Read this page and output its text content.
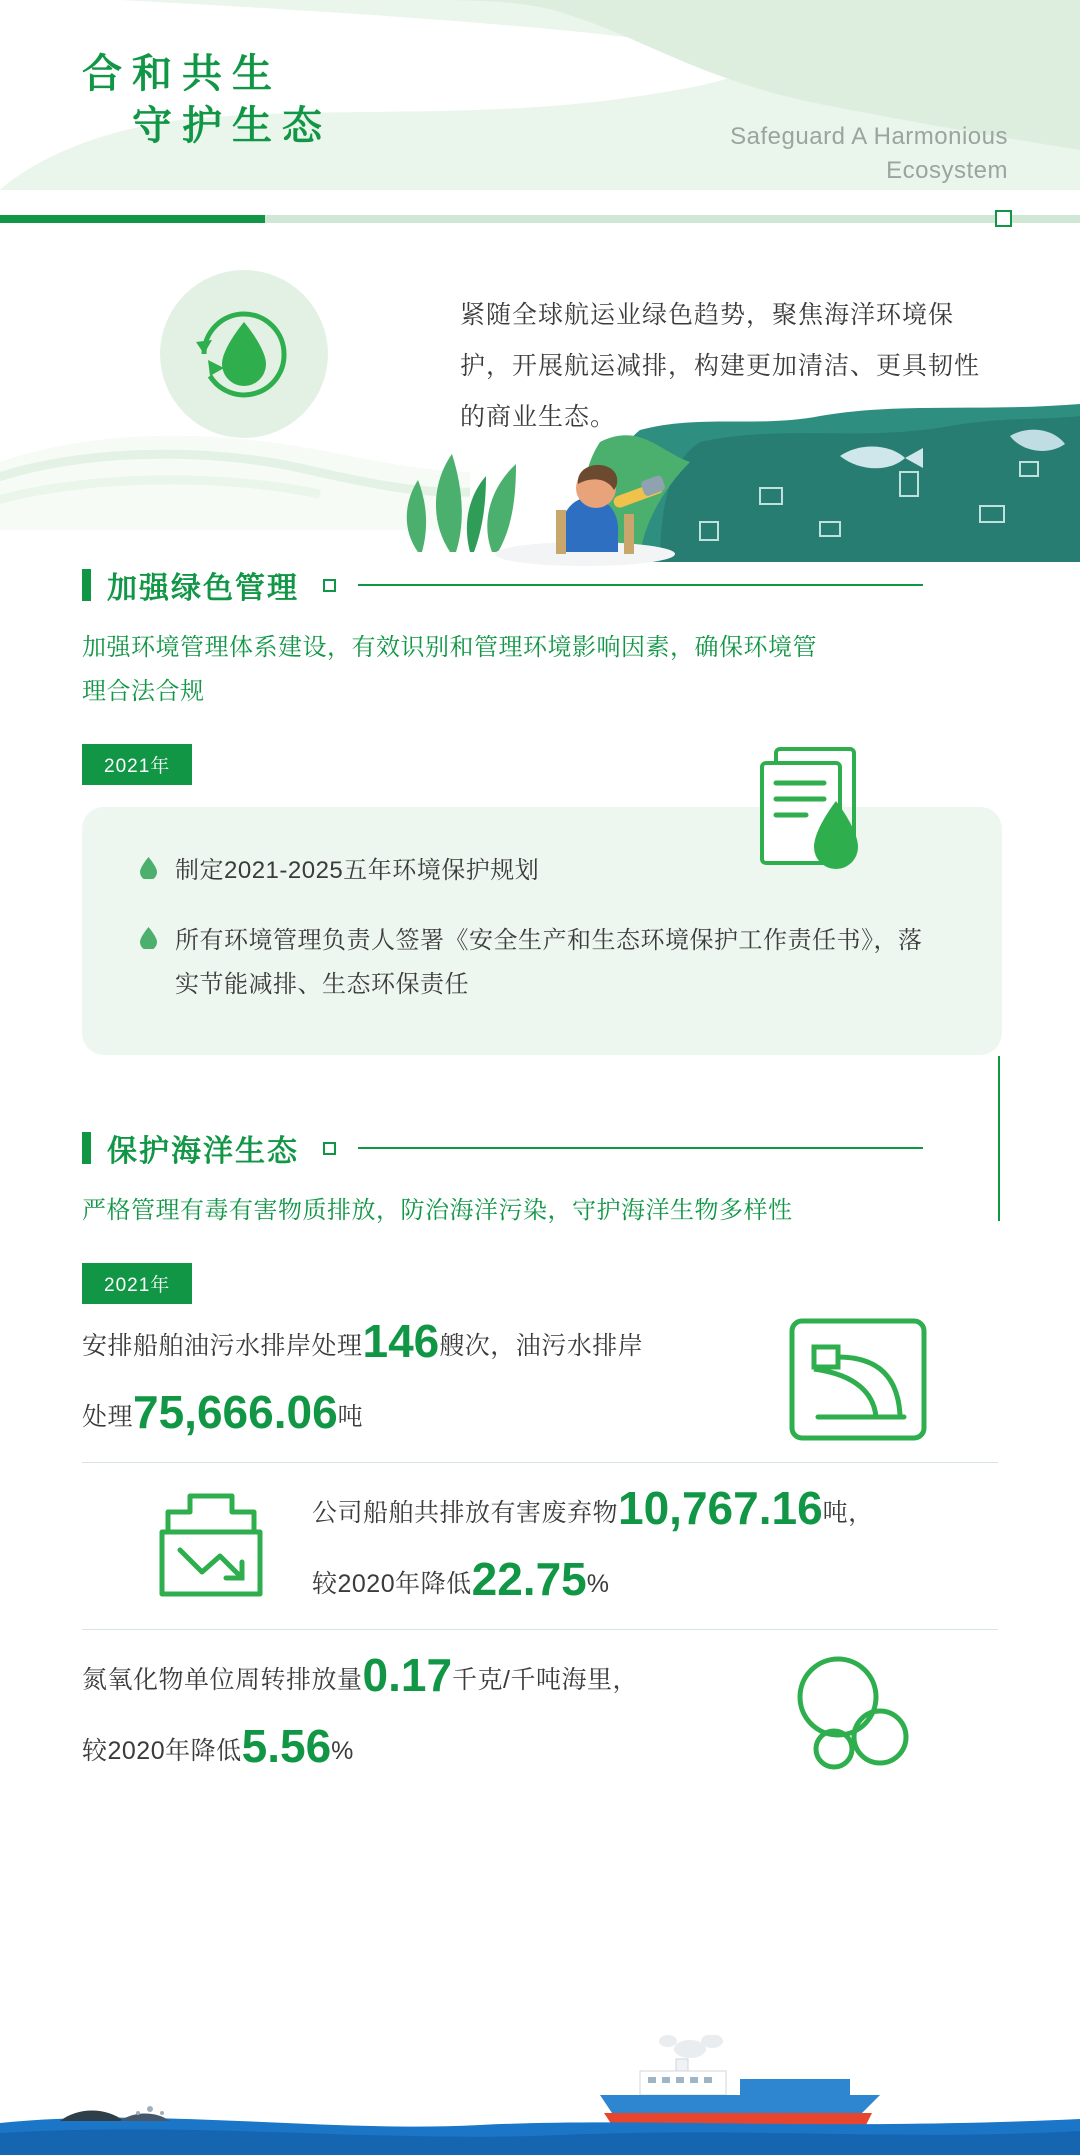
合和共生
守护生态	Safeguard A Harmonious
Ecosystem
紧随全球航运业绿色趋势，聚焦海洋环境保护，开展航运减排，构建更加清洁、更具韧性的商业生态。
加强绿色管理
加强环境管理体系建设，有效识别和管理环境影响因素，确保环境管理合法合规
2021年
制定2021-2025五年环境保护规划
所有环境管理负责人签署《安全生产和生态环境保护工作责任书》，落实节能减排、生态环保责任
保护海洋生态
严格管理有毒有害物质排放，防治海洋污染，守护海洋生物多样性
2021年
安排船舶油污水排岸处理146艘次，油污水排岸
处理75,666.06吨
公司船舶共排放有害废弃物10,767.16吨，
较2020年降低22.75%
氮氧化物单位周转排放量0.17千克/千吨海里，
较2020年降低5.56%
